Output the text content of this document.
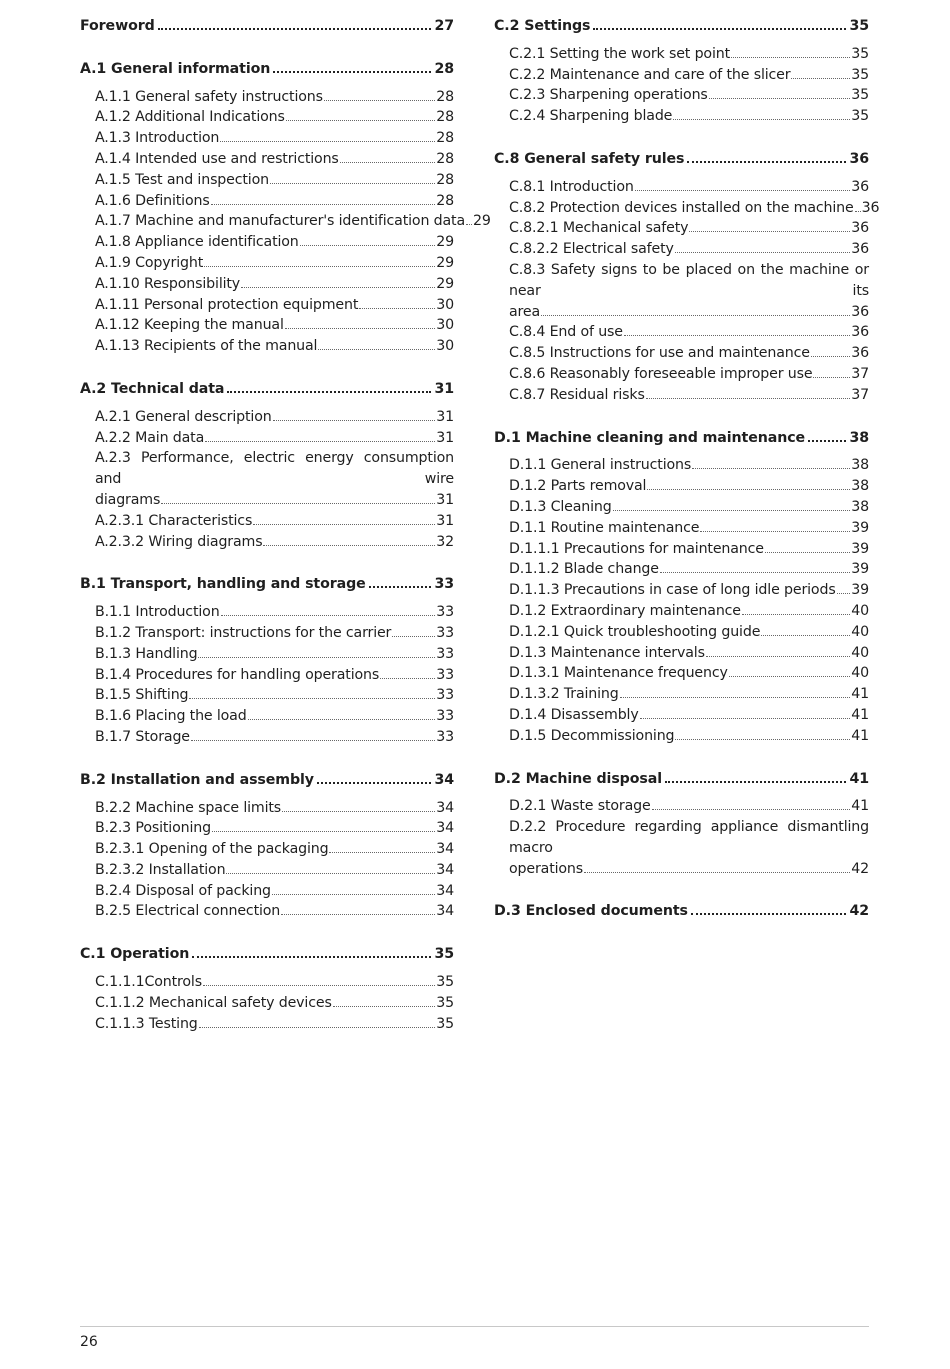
Foreword	27
A.1 General information	28
A.1.1 General safety instructions	28
A.1.2 Additional Indications	28
A.1.3 Introduction	28
A.1.4 Intended use and restrictions	28
A.1.5 Test and inspection	28
A.1.6 Definitions	28
A.1.7 Machine and manufacturer's identification data 29
A.1.8 Appliance identification	29
A.1.9 Copyright	29
A.1.10 Responsibility	29
A.1.11 Personal protection equipment	30
A.1.12 Keeping the manual	30
A.1.13 Recipients of the manual	30
A.2 Technical data	31
A.2.1 General description	31
A.2.2 Main data	31
A.2.3 Performance, electric energy consumption and wire
diagrams	31
A.2.3.1 Characteristics	31
A.2.3.2 Wiring diagrams	32
B.1 Transport, handling and storage	33
B.1.1 Introduction	33
B.1.2 Transport: instructions for the carrier	33
B.1.3 Handling	33
B.1.4 Procedures for handling operations	33
B.1.5 Shifting	33
B.1.6 Placing the load	33
B.1.7 Storage	33
B.2 Installation and assembly	34
B.2.2 Machine space limits	34
B.2.3 Positioning	34
B.2.3.1 Opening of the packaging	34
B.2.3.2 Installation	34
B.2.4 Disposal of packing	34
B.2.5 Electrical connection	34
C.1 Operation	35
C.1.1.1Controls	35
C.1.1.2 Mechanical safety devices	35
C.1.1.3 Testing	35
C.2 Settings	35
C.2.1 Setting the work set point	35
C.2.2 Maintenance and care of the slicer	35
C.2.3 Sharpening operations	35
C.2.4 Sharpening blade	35
C.8 General safety rules	36
C.8.1 Introduction	36
C.8.2 Protection devices installed on the machine 36
C.8.2.1 Mechanical safety	36
C.8.2.2 Electrical safety	36
C.8.3 Safety signs to be placed on the machine or near its
area	36
C.8.4 End of use	36
C.8.5 Instructions for use and maintenance	36
C.8.6 Reasonably foreseeable improper use	37
C.8.7 Residual risks	37
D.1 Machine cleaning and maintenance	38
D.1.1 General instructions	38
D.1.2 Parts removal	38
D.1.3 Cleaning	38
D.1.1 Routine maintenance	39
D.1.1.1 Precautions for maintenance	39
D.1.1.2 Blade change	39
D.1.1.3 Precautions in case of long idle periods 39
D.1.2 Extraordinary maintenance	40
D.1.2.1 Quick troubleshooting guide	40
D.1.3 Maintenance intervals	40
D.1.3.1 Maintenance frequency	40
D.1.3.2 Training	41
D.1.4 Disassembly	41
D.1.5 Decommissioning	41
D.2 Machine disposal	41
D.2.1 Waste storage	41
D.2.2 Procedure regarding appliance dismantling macro
operations	42
D.3 Enclosed documents	42
26
